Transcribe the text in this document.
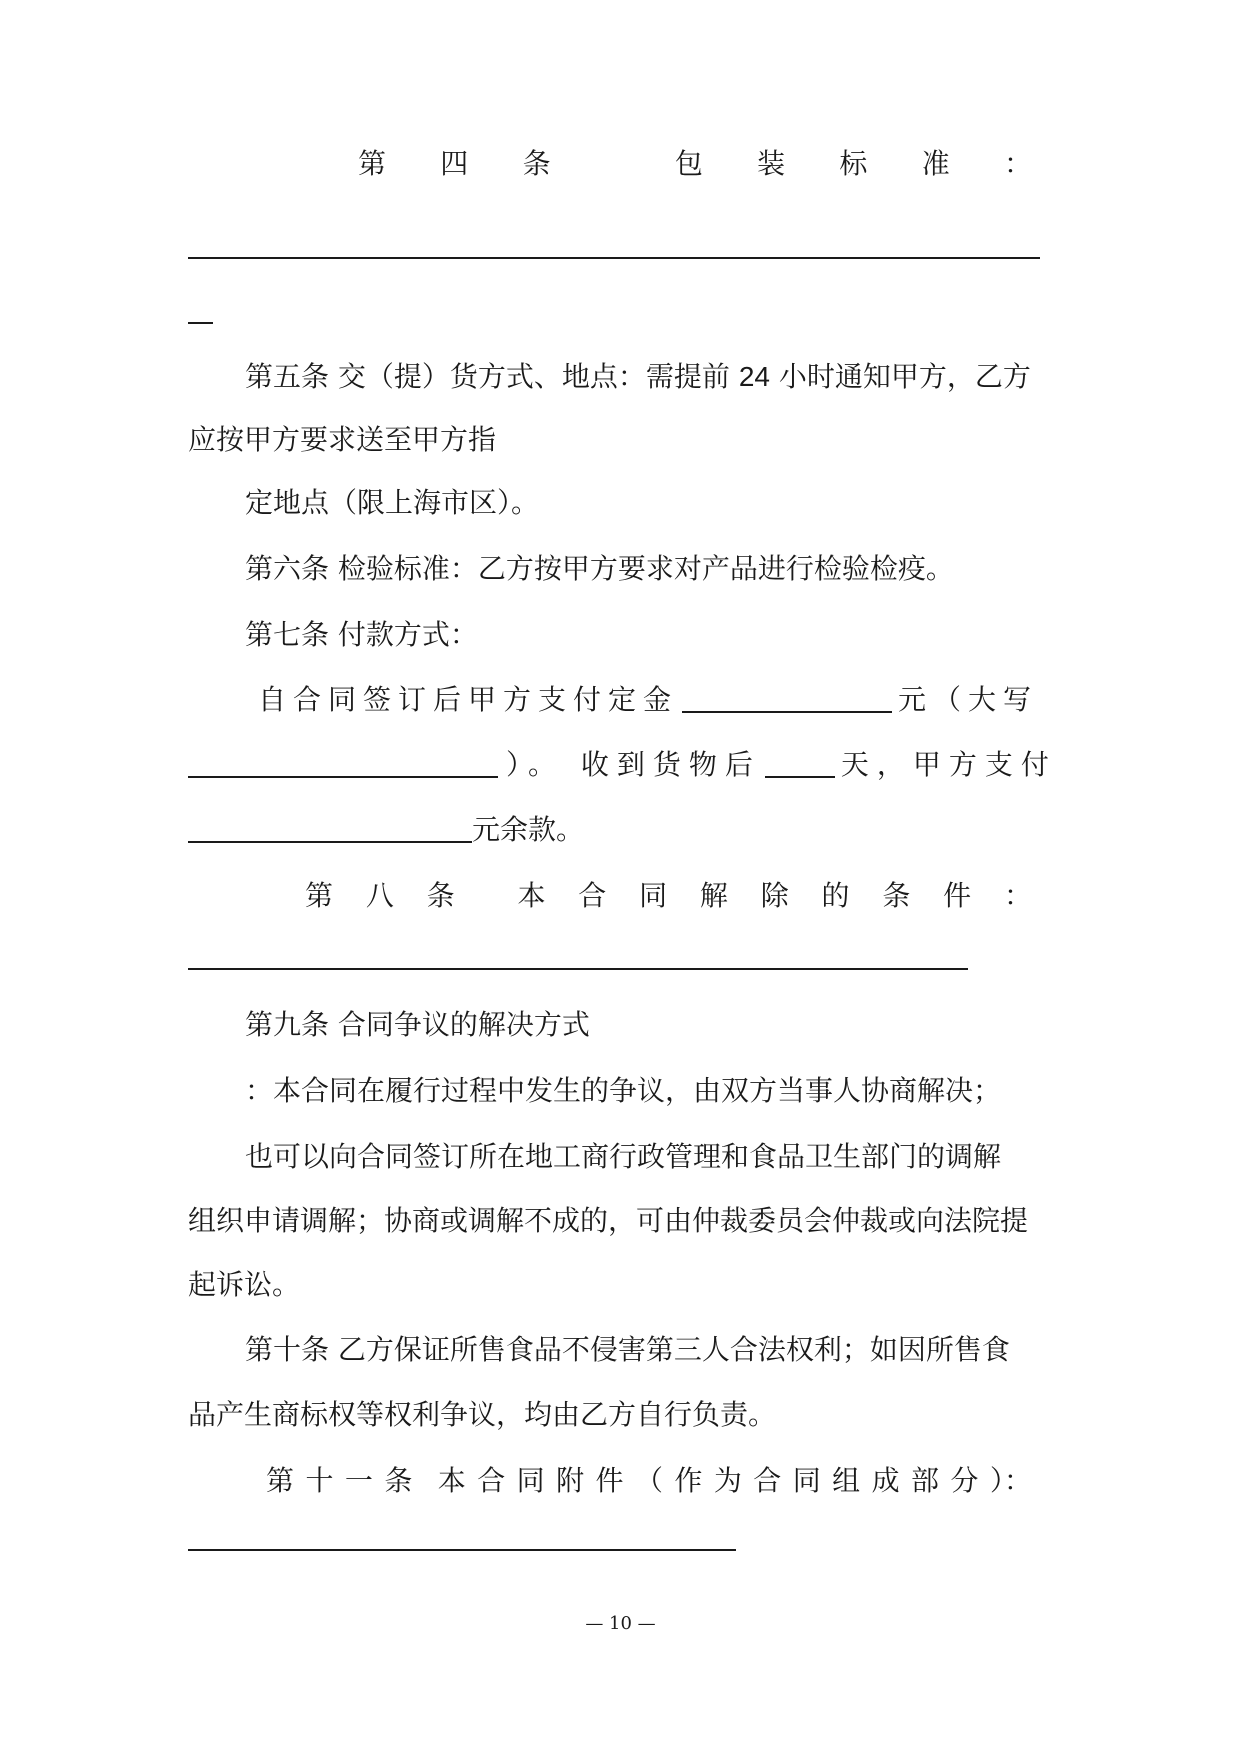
第 四 条	包 装 标 准 ：
第五条 交（提）货方式、地点：需提前 24 小时通知甲方，乙方
应按甲方要求送至甲方指
定地点（限上海市区）。
第六条 检验标准：乙方按甲方要求对产品进行检验检疫。
第七条 付款方式：
自合同签订后甲方支付定金	元（大写
）。 收到货物后	天，甲方支付
元余款。
第 八 条 本 合 同 解 除 的 条 件 ：
第九条 合同争议的解决方式
：本合同在履行过程中发生的争议，由双方当事人协商解决；
也可以向合同签订所在地工商行政管理和食品卫生部门的调解
组织申请调解；协商或调解不成的，可由仲裁委员会仲裁或向法院提
起诉讼。
第十条 乙方保证所售食品不侵害第三人合法权利；如因所售食
品产生商标权等权利争议，均由乙方自行负责。
第 十 一 条 本 合 同 附 件 （ 作 为 合 同 组 成 部 分 ）：
— 10 —
